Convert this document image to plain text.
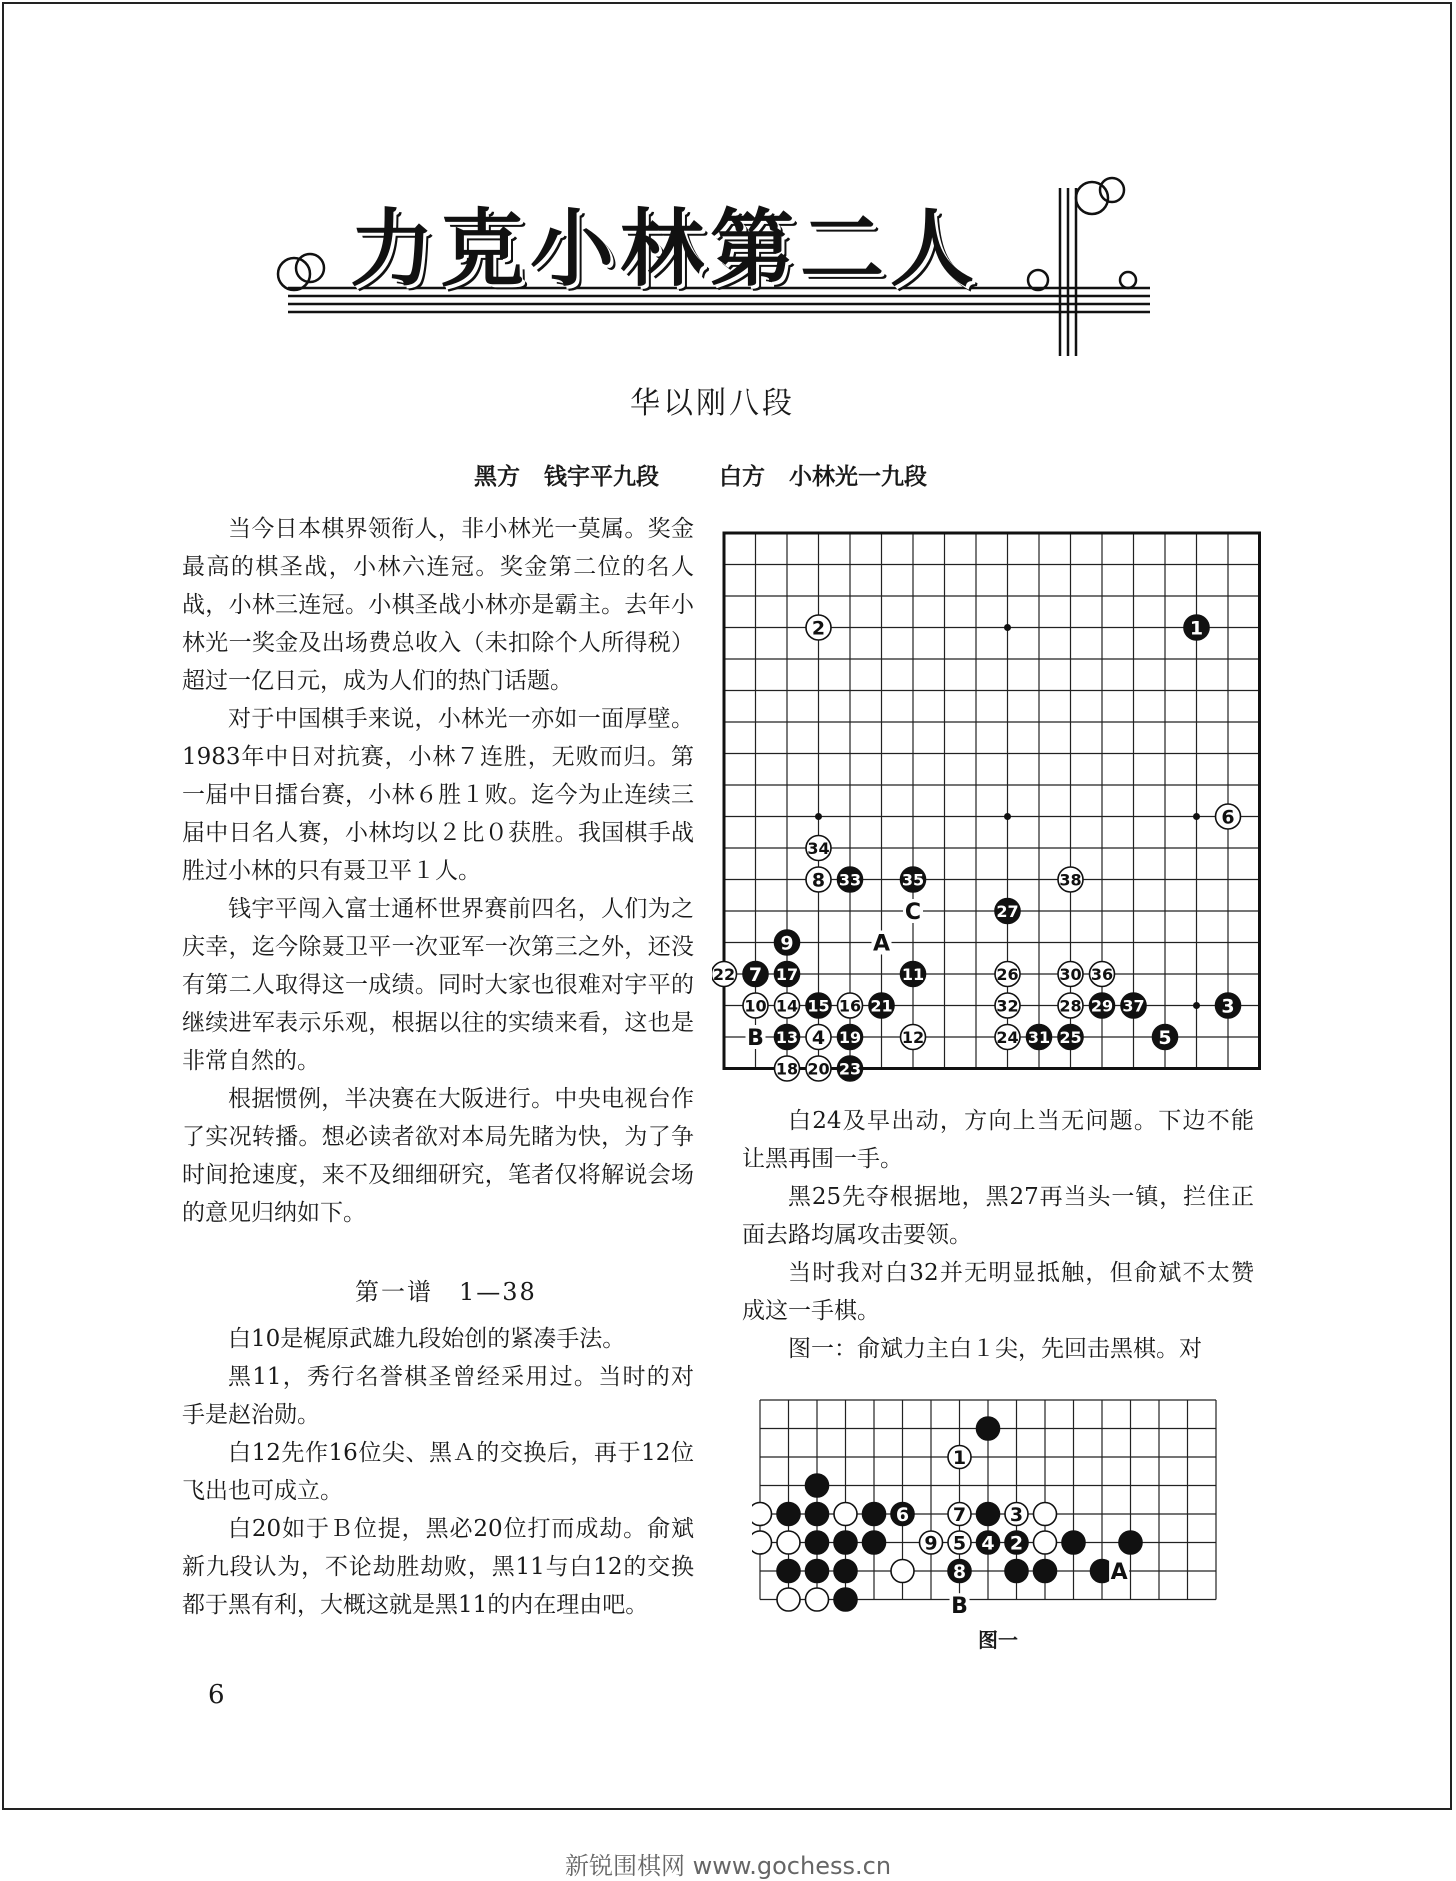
力克小林第二人
华以刚八段
黑方 钱宇平九段	白方 小林光一九段

当今日本棋界领衔人，非小林光一莫属。奖金最高的棋圣战，小林六连冠。奖金第二位的名人战，小林三连冠。小棋圣战小林亦是霸主。去年小林光一奖金及出场费总收入（未扣除个人所得税）超过一亿日元，成为人们的热门话题。

对于中国棋手来说，小林光一亦如一面厚壁。1983年中日对抗赛，小林７连胜，无败而归。第一届中日擂台赛，小林６胜１败。迄今为止连续三届中日名人赛，小林均以２比０获胜。我国棋手战胜过小林的只有聂卫平１人。

钱宇平闯入富士通杯世界赛前四名，人们为之庆幸，迄今除聂卫平一次亚军一次第三之外，还没有第二人取得这一成绩。同时大家也很难对宇平的继续进军表示乐观，根据以往的实绩来看，这也是非常自然的。

根据惯例，半决赛在大阪进行。中央电视台作了实况转播。想必读者欲对本局先睹为快，为了争时间抢速度，来不及细细研究，笔者仅将解说会场的意见归纳如下。

第一谱　1—38

白10是梶原武雄九段始创的紧凑手法。

黑11，秀行名誉棋圣曾经采用过。当时的对手是赵治勋。

白12先作16位尖、黑Ａ的交换后，再于12位飞出也可成立。

白20如于Ｂ位提，黑必20位打而成劫。俞斌新九段认为，不论劫胜劫败，黑11与白12的交换都于黑有利，大概这就是黑11的内在理由吧。

白24及早出动，方向上当无问题。下边不能让黑再围一手。

黑25先夺根据地，黑27再当头一镇，拦住正面去路均属攻击要领。

当时我对白32并无明显抵触，但俞斌不太赞成这一手棋。

图一：俞斌力主白１尖，先回击黑棋。对

1
2
3
4	5
6
7
8
9
10
11
12
13
14 15 16
17
18
19
20
21
22
23
24	25
26
27
28 29
30
31
32
33
34
35
36
37
38
A
B
C
1
2
3
4
5
6 7
8
9
A
B
图一
6
新锐围棋网 www.gochess.cn
